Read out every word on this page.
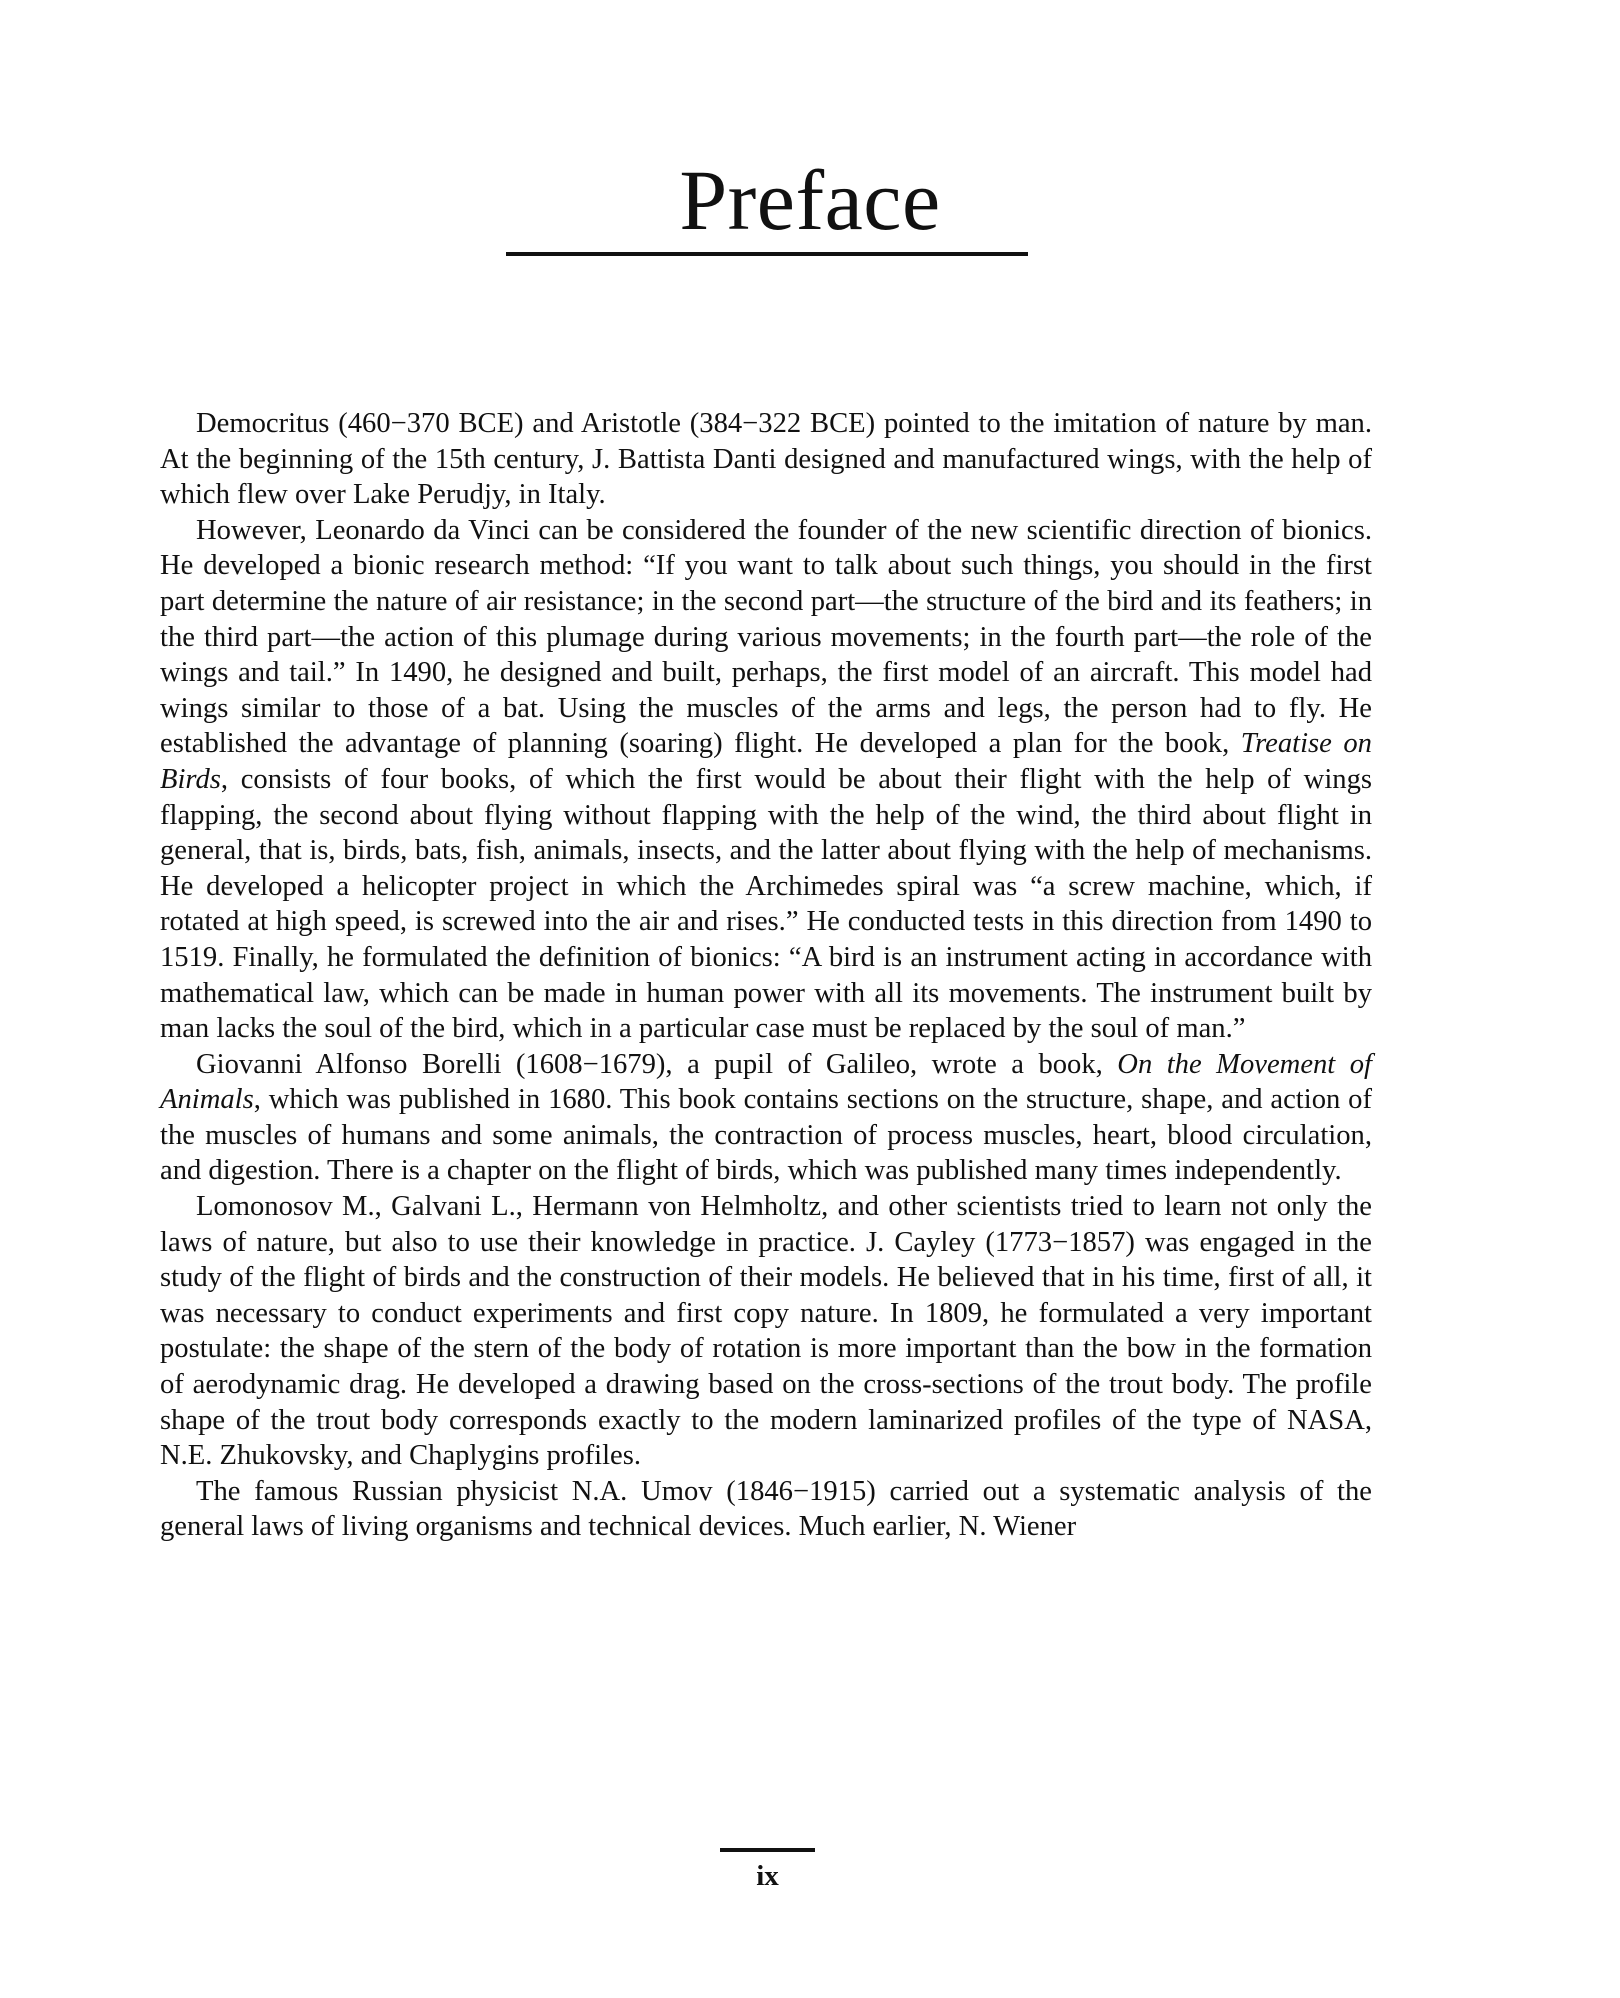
Preface

Democritus (460−370 BCE) and Aristotle (384−322 BCE) pointed to the imitation of nature by man. At the beginning of the 15th century, J. Battista Danti designed and manufactured wings, with the help of which flew over Lake Perudjy, in Italy.

However, Leonardo da Vinci can be considered the founder of the new scientific direction of bionics. He developed a bionic research method: “If you want to talk about such things, you should in the first part determine the nature of air resistance; in the second part—the structure of the bird and its feathers; in the third part—the action of this plumage during various movements; in the fourth part—the role of the wings and tail.” In 1490, he designed and built, perhaps, the first model of an aircraft. This model had wings similar to those of a bat. Using the muscles of the arms and legs, the person had to fly. He established the advantage of planning (soaring) flight. He developed a plan for the book, Treatise on Birds, consists of four books, of which the first would be about their flight with the help of wings flapping, the second about flying without flapping with the help of the wind, the third about flight in general, that is, birds, bats, fish, animals, insects, and the latter about flying with the help of mechanisms. He developed a helicopter project in which the Archimedes spiral was “a screw machine, which, if rotated at high speed, is screwed into the air and rises.” He conducted tests in this direction from 1490 to 1519. Finally, he formulated the definition of bionics: “A bird is an instrument acting in accordance with mathematical law, which can be made in human power with all its movements. The instrument built by man lacks the soul of the bird, which in a particular case must be replaced by the soul of man.”

Giovanni Alfonso Borelli (1608−1679), a pupil of Galileo, wrote a book, On the Movement of Animals, which was published in 1680. This book contains sections on the structure, shape, and action of the muscles of humans and some animals, the contraction of process muscles, heart, blood circulation, and digestion. There is a chapter on the flight of birds, which was published many times independently.

Lomonosov M., Galvani L., Hermann von Helmholtz, and other scientists tried to learn not only the laws of nature, but also to use their knowledge in practice. J. Cayley (1773−1857) was engaged in the study of the flight of birds and the construction of their models. He believed that in his time, first of all, it was necessary to conduct experiments and first copy nature. In 1809, he formulated a very important postulate: the shape of the stern of the body of rotation is more important than the bow in the formation of aerodynamic drag. He developed a drawing based on the cross-sections of the trout body. The profile shape of the trout body corresponds exactly to the modern laminarized profiles of the type of NASA, N.E. Zhukovsky, and Chaplygins profiles.

The famous Russian physicist N.A. Umov (1846−1915) carried out a systematic analysis of the general laws of living organisms and technical devices. Much earlier, N. Wiener

ix
